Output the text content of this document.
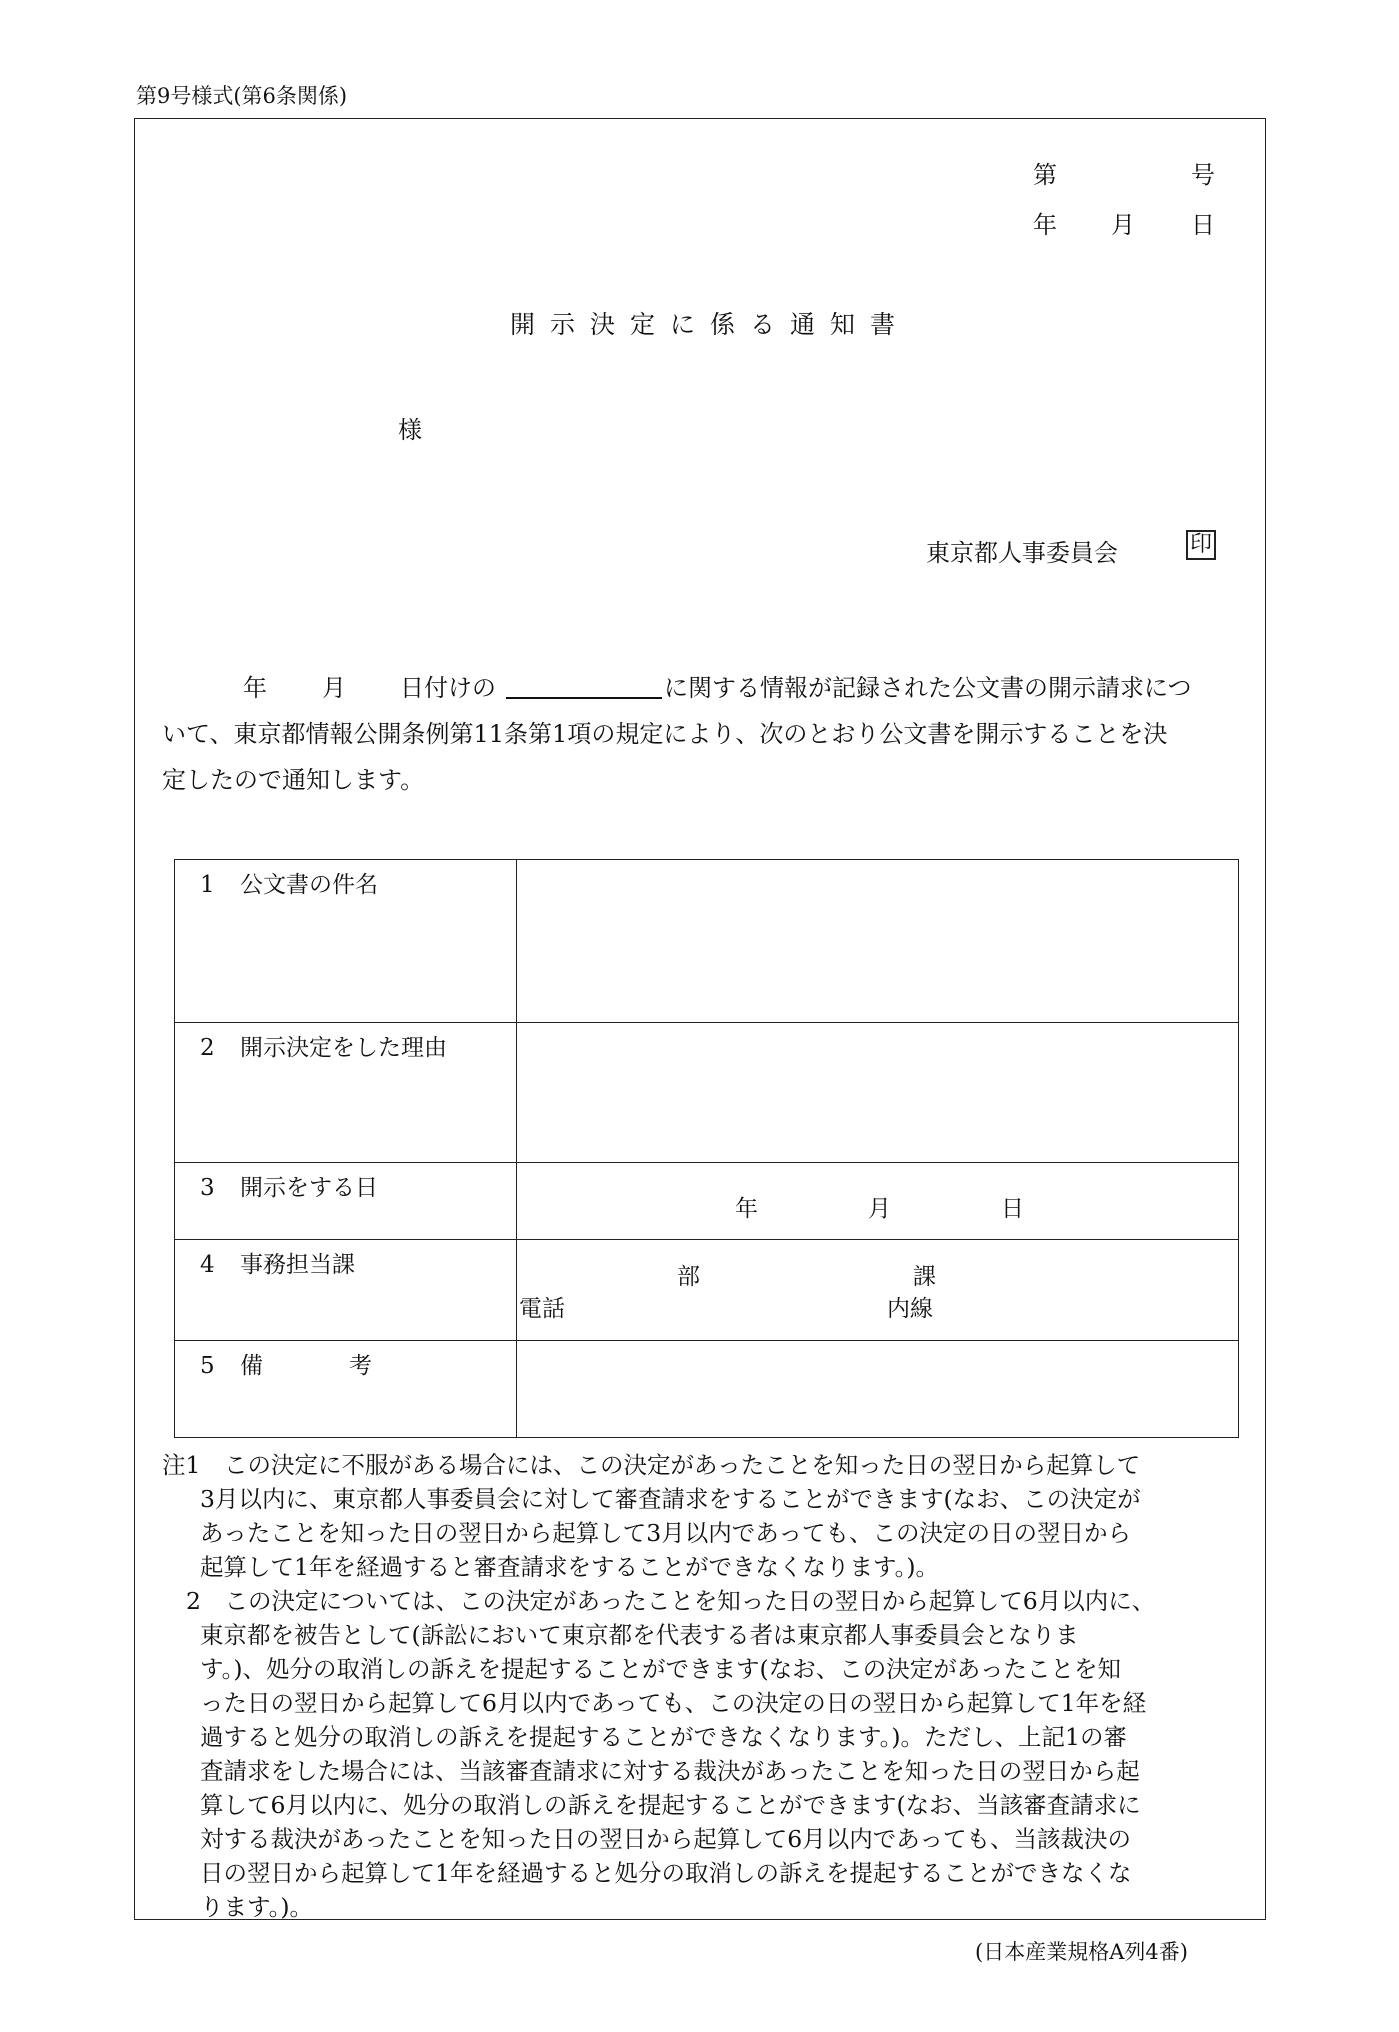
第9号様式(第6条関係)
第	号
年 月 日
開示決定に係る通知書
様
東京都人事委員会	印
年 月 日付けの	に関する情報が記録された公文書の開示請求につ
いて、東京都情報公開条例第11条第1項の規定により、次のとおり公文書を開示することを決
定したので通知します。
1 公文書の件名	
2 開示決定をした理由	
3 開示をする日	年 月 日

4 事務担当課	部 課
電話 内線

5 備 考	
注1　この決定に不服がある場合には、この決定があったことを知った日の翌日から起算して
3月以内に、東京都人事委員会に対して審査請求をすることができます(なお、この決定が
あったことを知った日の翌日から起算して3月以内であっても、この決定の日の翌日から
起算して1年を経過すると審査請求をすることができなくなります。)。
2　この決定については、この決定があったことを知った日の翌日から起算して6月以内に、
東京都を被告として(訴訟において東京都を代表する者は東京都人事委員会となりま
す。)、処分の取消しの訴えを提起することができます(なお、この決定があったことを知
った日の翌日から起算して6月以内であっても、この決定の日の翌日から起算して1年を経
過すると処分の取消しの訴えを提起することができなくなります。)。ただし、上記1の審
査請求をした場合には、当該審査請求に対する裁決があったことを知った日の翌日から起
算して6月以内に、処分の取消しの訴えを提起することができます(なお、当該審査請求に
対する裁決があったことを知った日の翌日から起算して6月以内であっても、当該裁決の
日の翌日から起算して1年を経過すると処分の取消しの訴えを提起することができなくな
ります。)。
(日本産業規格A列4番)
